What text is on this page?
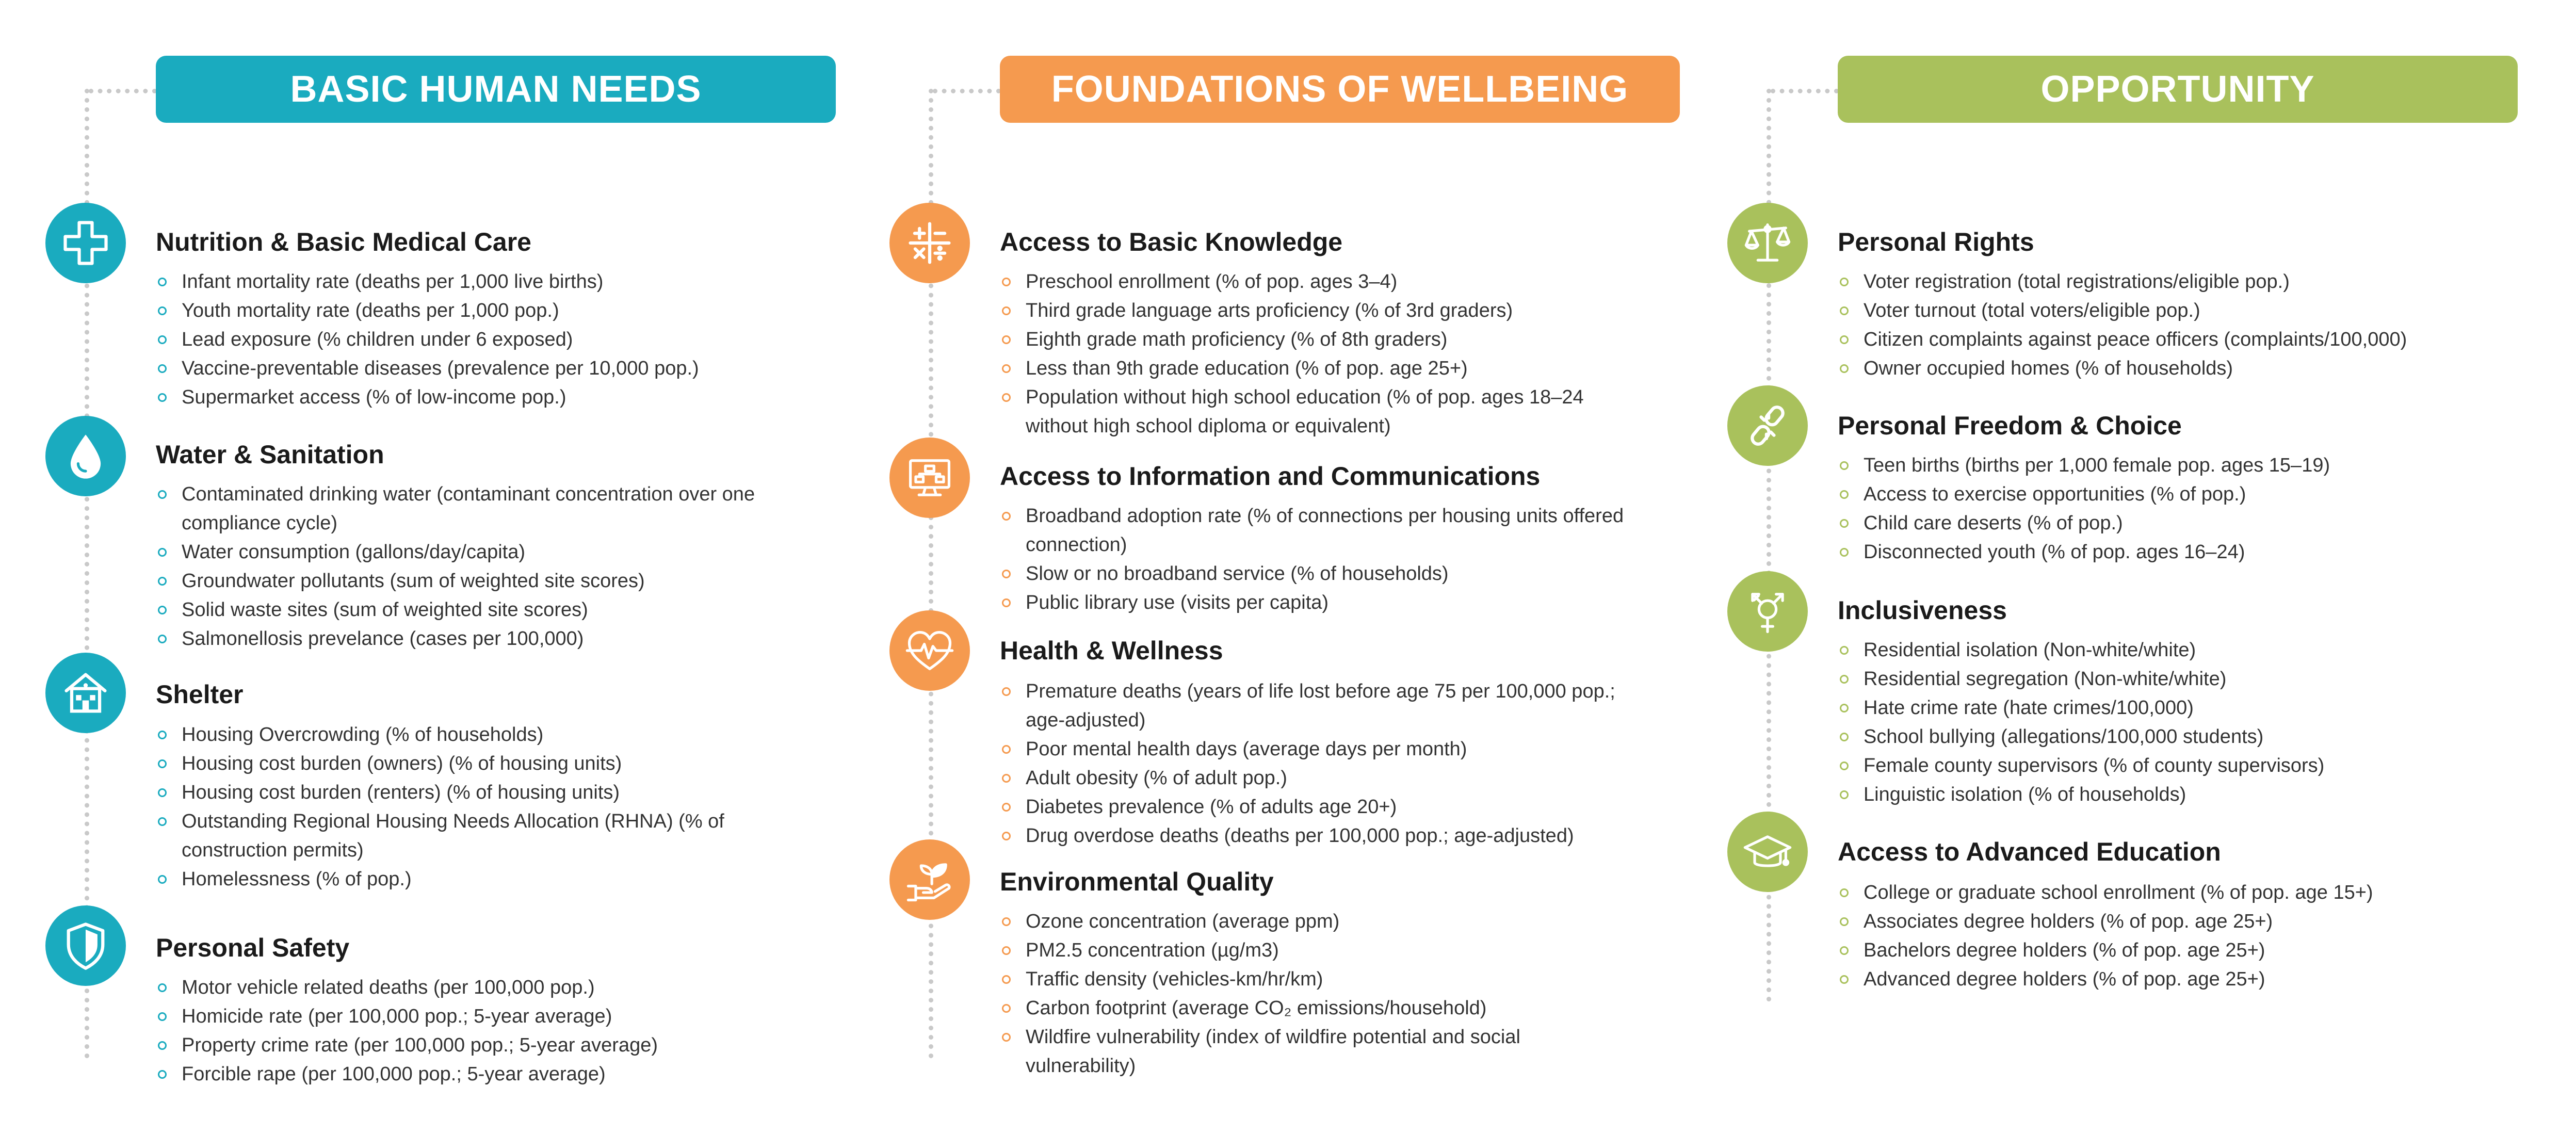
BASIC HUMAN NEEDS
Nutrition & Basic Medical Care
Infant mortality rate (deaths per 1,000 live births)
Youth mortality rate (deaths per 1,000 pop.)
Lead exposure (% children under 6 exposed)
Vaccine-preventable diseases (prevalence per 10,000 pop.)
Supermarket access (% of low-income pop.)
Water & Sanitation
Contaminated drinking water (contaminant concentration over one compliance cycle)
Water consumption (gallons/day/capita)
Groundwater pollutants (sum of weighted site scores)
Solid waste sites (sum of weighted site scores)
Salmonellosis prevelance (cases per 100,000)
Shelter
Housing Overcrowding (% of households)
Housing cost burden (owners) (% of housing units)
Housing cost burden (renters) (% of housing units)
Outstanding Regional Housing Needs Allocation (RHNA) (% of construction permits)
Homelessness (% of pop.)
Personal Safety
Motor vehicle related deaths (per 100,000 pop.)
Homicide rate (per 100,000 pop.; 5-year average)
Property crime rate (per 100,000 pop.; 5-year average)
Forcible rape (per 100,000 pop.; 5-year average)
FOUNDATIONS OF WELLBEING
Access to Basic Knowledge
Preschool enrollment (% of pop. ages 3–4)
Third grade language arts proficiency (% of 3rd graders)
Eighth grade math proficiency (% of 8th graders)
Less than 9th grade education (% of pop. age 25+)
Population without high school education (% of pop. ages 18–24 without high school diploma or equivalent)
Access to Information and Communications
Broadband adoption rate (% of connections per housing units offered connection)
Slow or no broadband service (% of households)
Public library use (visits per capita)
Health & Wellness
Premature deaths (years of life lost before age 75 per 100,000 pop.; age-adjusted)
Poor mental health days (average days per month)
Adult obesity (% of adult pop.)
Diabetes prevalence (% of adults age 20+)
Drug overdose deaths (deaths per 100,000 pop.; age-adjusted)
Environmental Quality
Ozone concentration (average ppm)
PM2.5 concentration (µg/m3)
Traffic density (vehicles-km/hr/km)
Carbon footprint (average CO₂ emissions/household)
Wildfire vulnerability (index of wildfire potential and social vulnerability)
OPPORTUNITY
Personal Rights
Voter registration (total registrations/eligible pop.)
Voter turnout (total voters/eligible pop.)
Citizen complaints against peace officers (complaints/100,000)
Owner occupied homes (% of households)
Personal Freedom & Choice
Teen births (births per 1,000 female pop. ages 15–19)
Access to exercise opportunities (% of pop.)
Child care deserts (% of pop.)
Disconnected youth (% of pop. ages 16–24)
Inclusiveness
Residential isolation (Non-white/white)
Residential segregation (Non-white/white)
Hate crime rate (hate crimes/100,000)
School bullying (allegations/100,000 students)
Female county supervisors (% of county supervisors)
Linguistic isolation (% of households)
Access to Advanced Education
College or graduate school enrollment (% of pop. age 15+)
Associates degree holders (% of pop. age 25+)
Bachelors degree holders (% of pop. age 25+)
Advanced degree holders (% of pop. age 25+)
